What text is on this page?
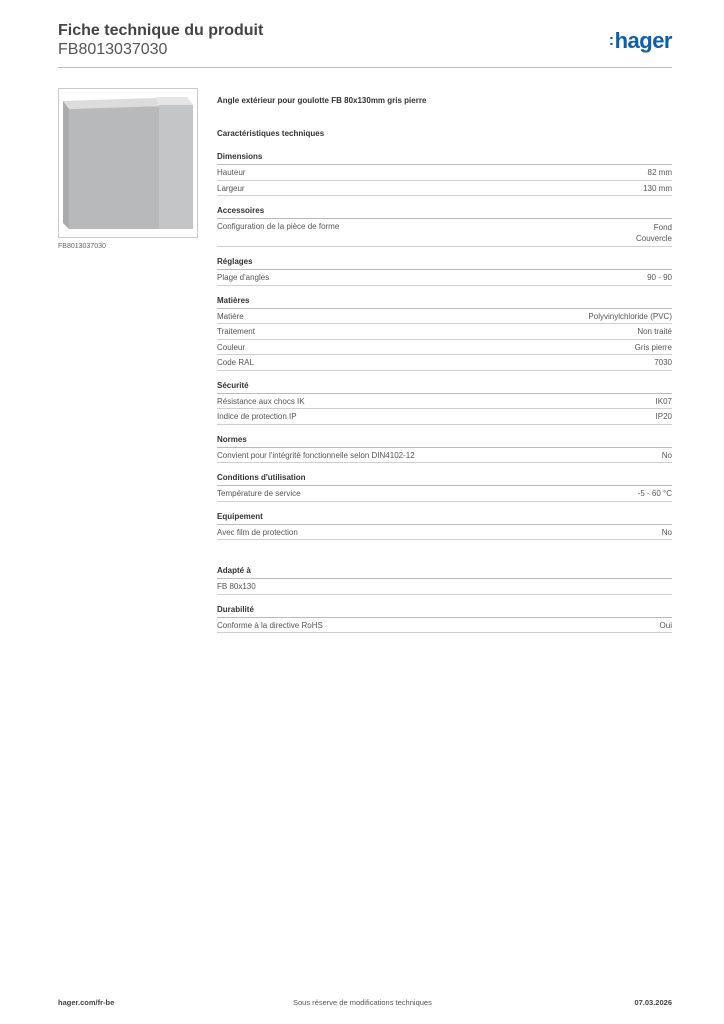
Fiche technique du produit
FB8013037030
:hager
FB8013037030
Angle extérieur pour goulotte FB 80x130mm gris pierre
Caractéristiques techniques
Dimensions
Hauteur	82 mm
Largeur	130 mm
Accessoires
Configuration de la pièce de forme	Fond
Couvercle
Réglages
Plage d'angles	90 - 90
Matières
Matière	Polyvinylchloride (PVC)
Traitement	Non traité
Couleur	Gris pierre
Code RAL	7030
Sécurité
Résistance aux chocs IK	IK07
Indice de protection IP	IP20
Normes
Convient pour l'intégrité fonctionnelle selon DIN4102-12	No
Conditions d'utilisation
Température de service	-5 - 60 °C
Equipement
Avec film de protection	No
Adapté à
FB 80x130
Durabilité
Conforme à la directive RoHS	Oui
hager.com/fr-be	Sous réserve de modifications techniques	07.03.2026
